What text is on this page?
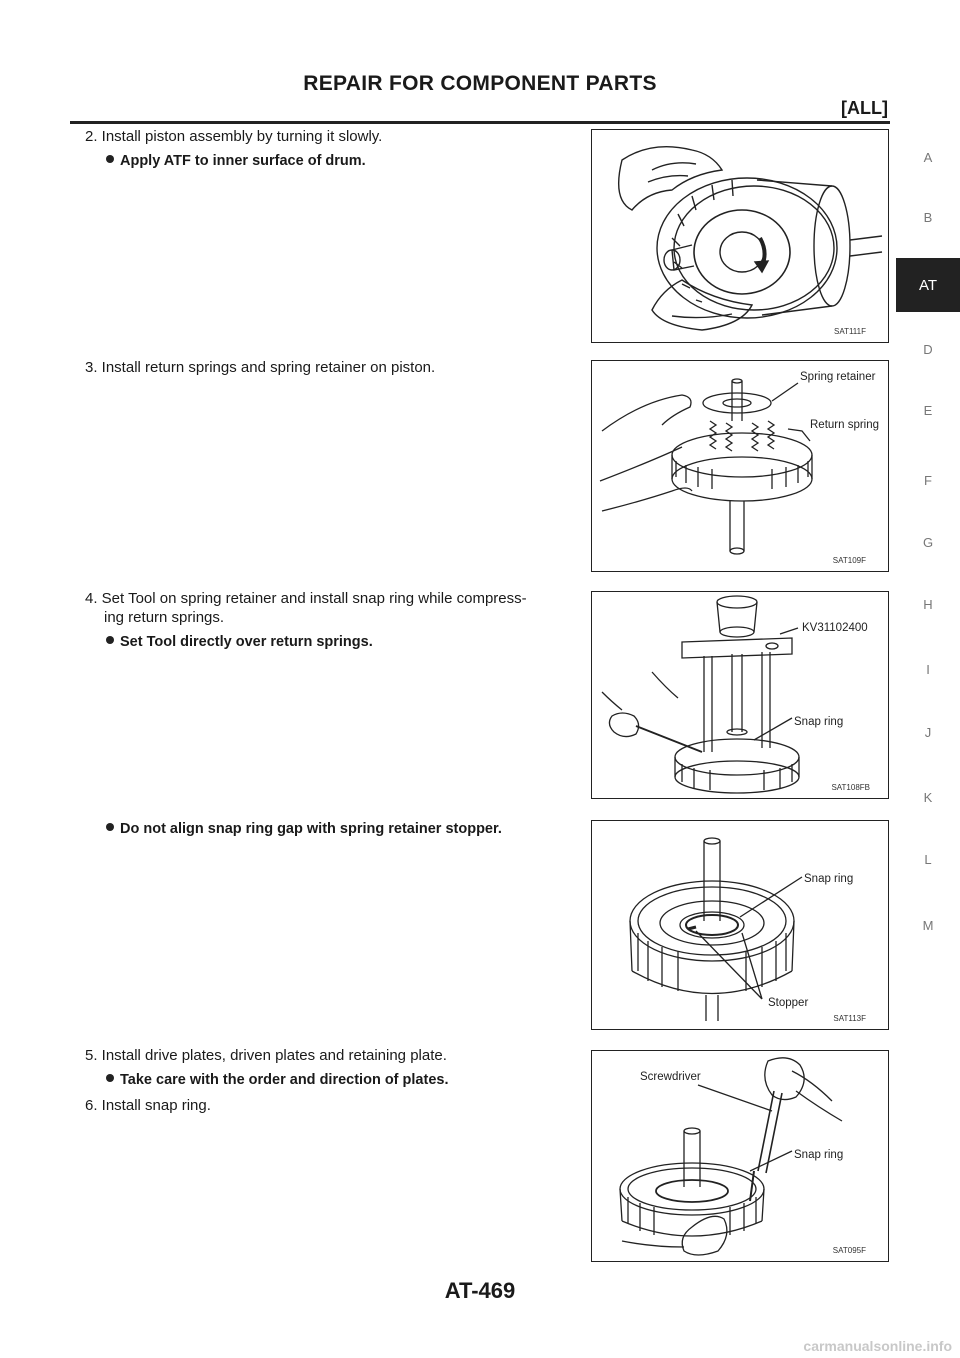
REPAIR FOR COMPONENT PARTS
[ALL]
2. Install piston assembly by turning it slowly.
Apply ATF to inner surface of drum.
SAT111F
3. Install return springs and spring retainer on piston.
Spring retainer
Return spring
SAT109F
4. Set Tool on spring retainer and install snap ring while compress-
ing return springs.
Set Tool directly over return springs.
KV31102400
Snap ring
SAT108FB
Do not align snap ring gap with spring retainer stopper.
Snap ring
Stopper
SAT113F
5. Install drive plates, driven plates and retaining plate.
Take care with the order and direction of plates.
6. Install snap ring.
Screwdriver
Snap ring
SAT095F
A
B
AT
D
E
F
G
H
I
J
K
L
M
AT-469
carmanualsonline.info
